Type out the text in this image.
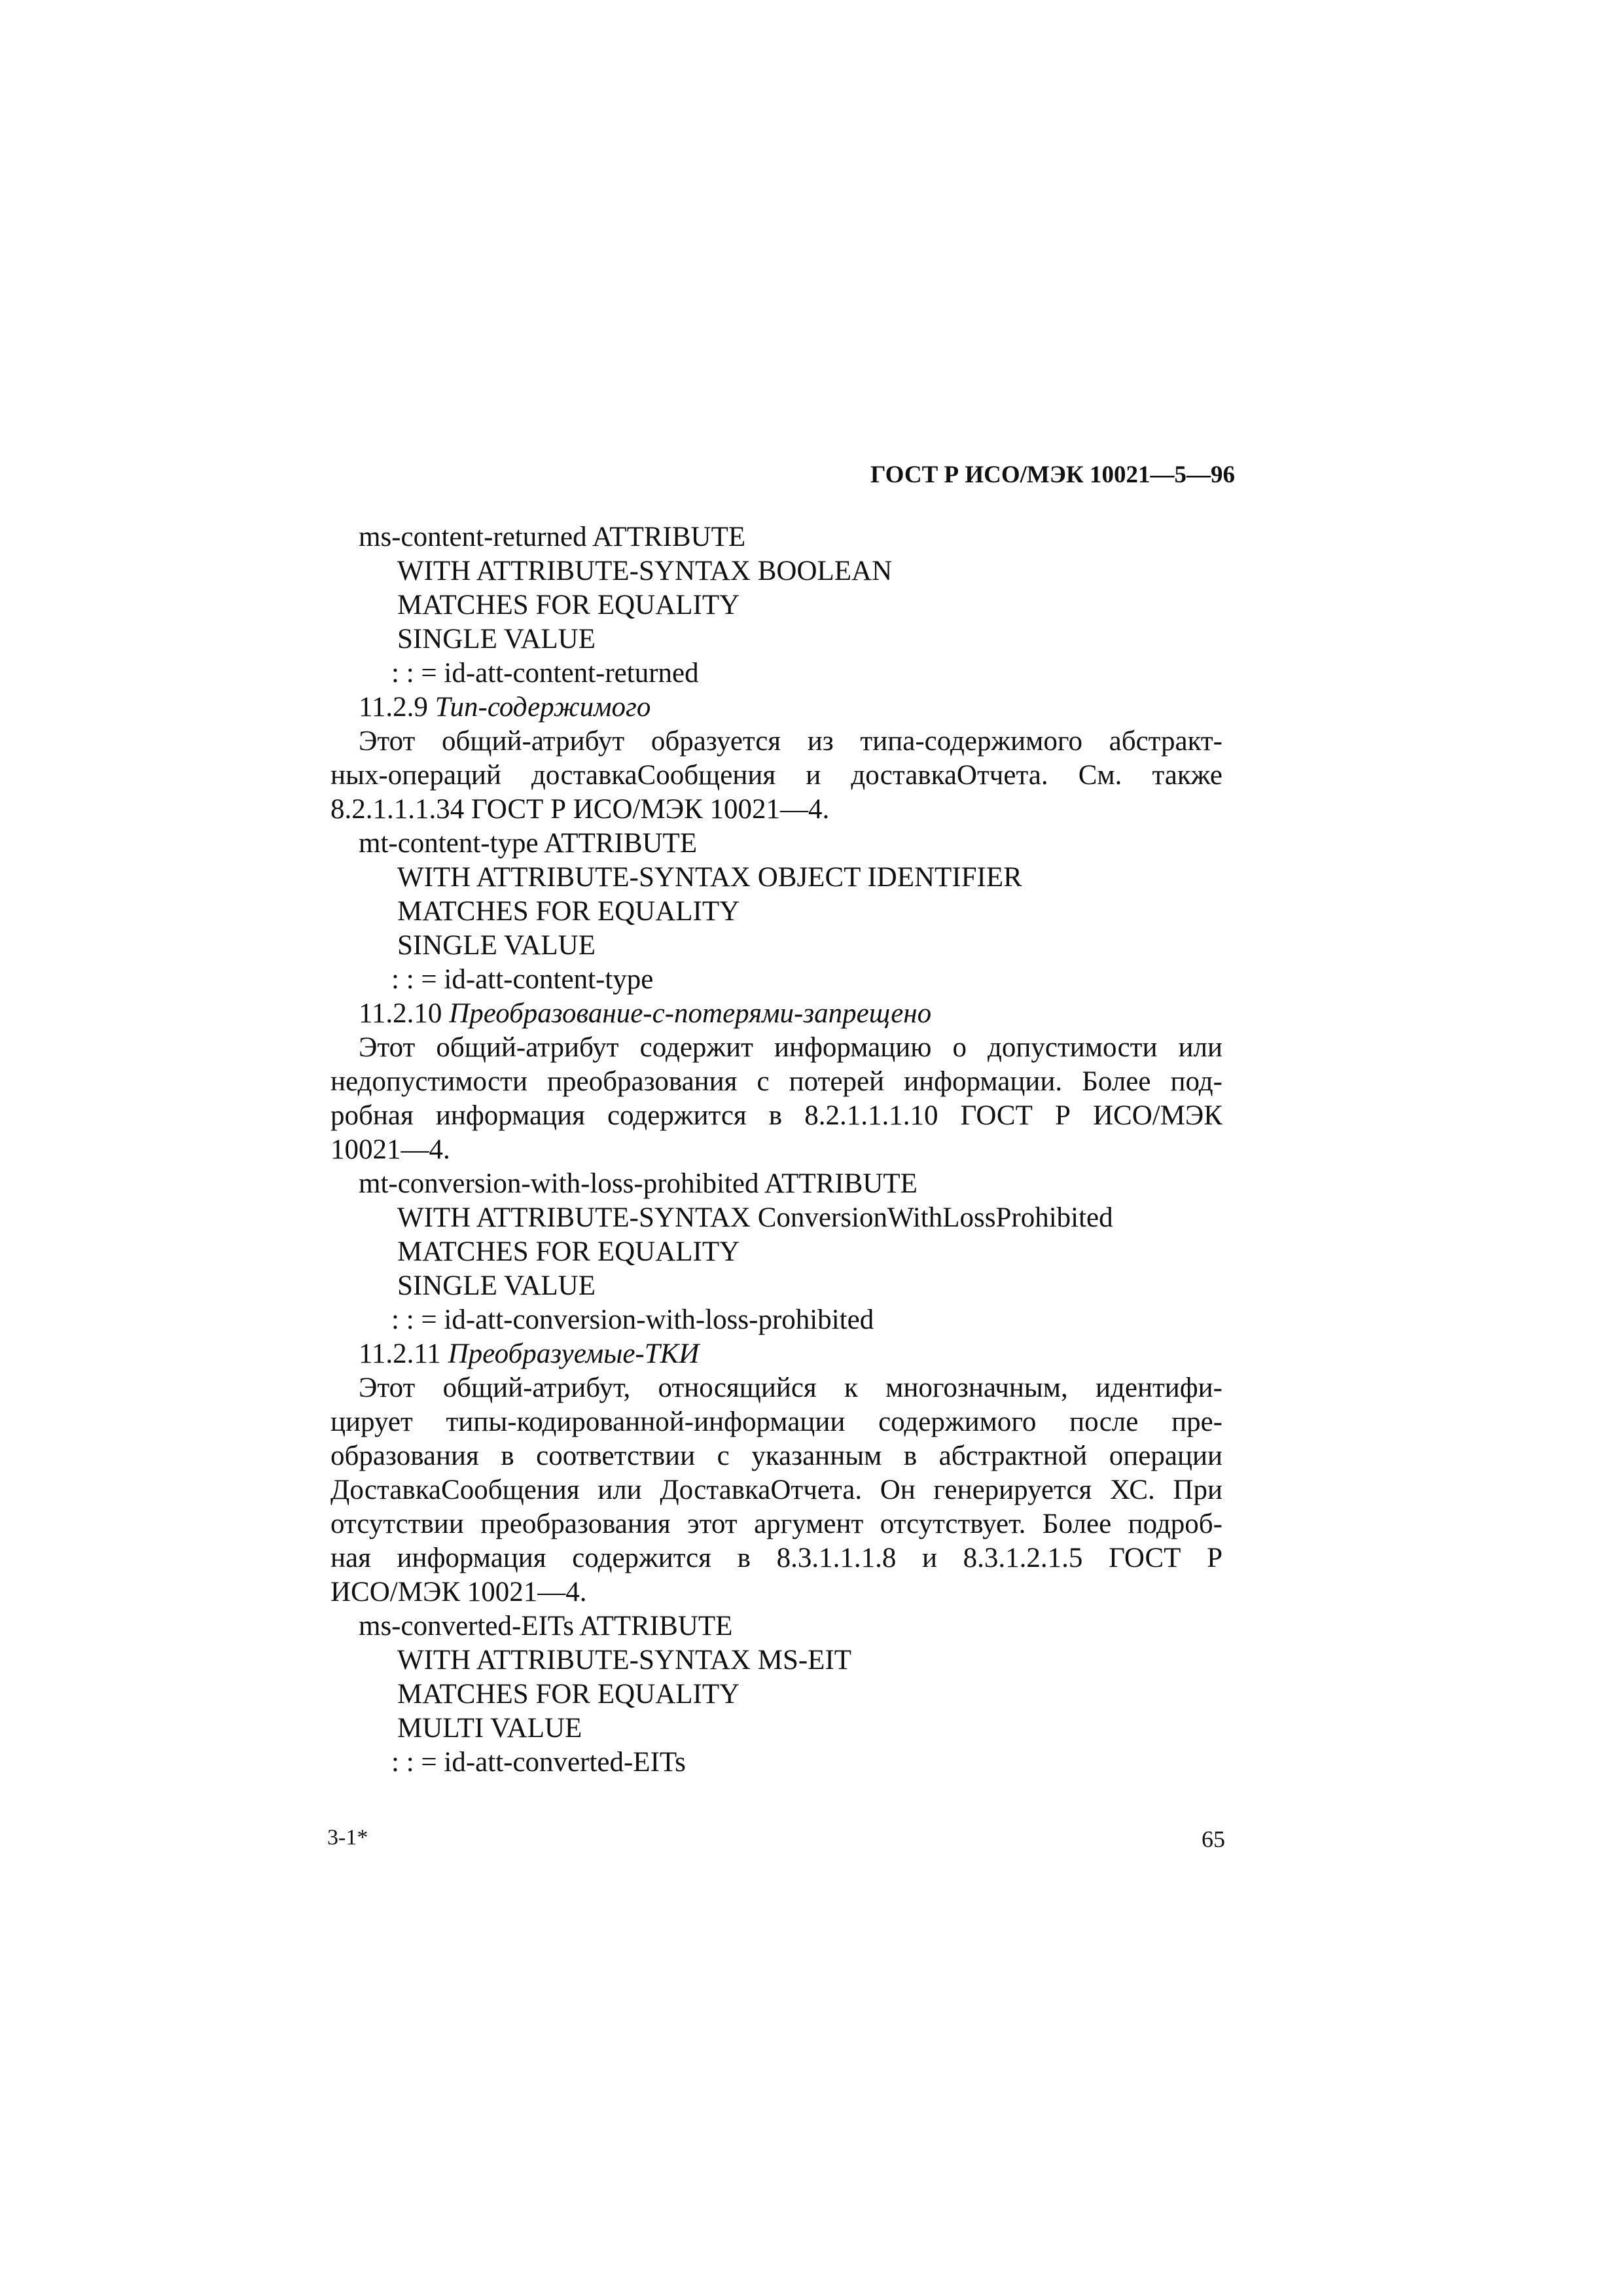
ГОСТ Р ИСО/МЭК 10021—5—96
ms-content-returned ATTRIBUTE
WITH ATTRIBUTE-SYNTAX BOOLEAN
MATCHES FOR EQUALITY
SINGLE VALUE
: : = id-att-content-returned
11.2.9 Тип-содержимого
Этот общий-атрибут образуется из типа-содержимого абстракт-
ных-операций доставкаСообщения и доставкаОтчета. См. также
8.2.1.1.1.34 ГОСТ Р ИСО/МЭК 10021—4.
mt-content-type ATTRIBUTE
WITH ATTRIBUTE-SYNTAX OBJECT IDENTIFIER
MATCHES FOR EQUALITY
SINGLE VALUE
: : = id-att-content-type
11.2.10 Преобразование-с-потерями-запрещено
Этот общий-атрибут содержит информацию о допустимости или
недопустимости преобразования с потерей информации. Более под-
робная информация содержится в 8.2.1.1.1.10 ГОСТ Р ИСО/МЭК
10021—4.
mt-conversion-with-loss-prohibited ATTRIBUTE
WITH ATTRIBUTE-SYNTAX ConversionWithLossProhibited
MATCHES FOR EQUALITY
SINGLE VALUE
: : = id-att-conversion-with-loss-prohibited
11.2.11 Преобразуемые-ТКИ
Этот общий-атрибут, относящийся к многозначным, идентифи-
цирует типы-кодированной-информации содержимого после пре-
образования в соответствии с указанным в абстрактной операции
ДоставкаСообщения или ДоставкаОтчета. Он генерируется ХС. При
отсутствии преобразования этот аргумент отсутствует. Более подроб-
ная информация содержится в 8.3.1.1.1.8 и 8.3.1.2.1.5 ГОСТ Р
ИСО/МЭК 10021—4.
ms-converted-EITs ATTRIBUTE
WITH ATTRIBUTE-SYNTAX MS-EIT
MATCHES FOR EQUALITY
MULTI VALUE
: : = id-att-converted-EITs
3-1*	65
